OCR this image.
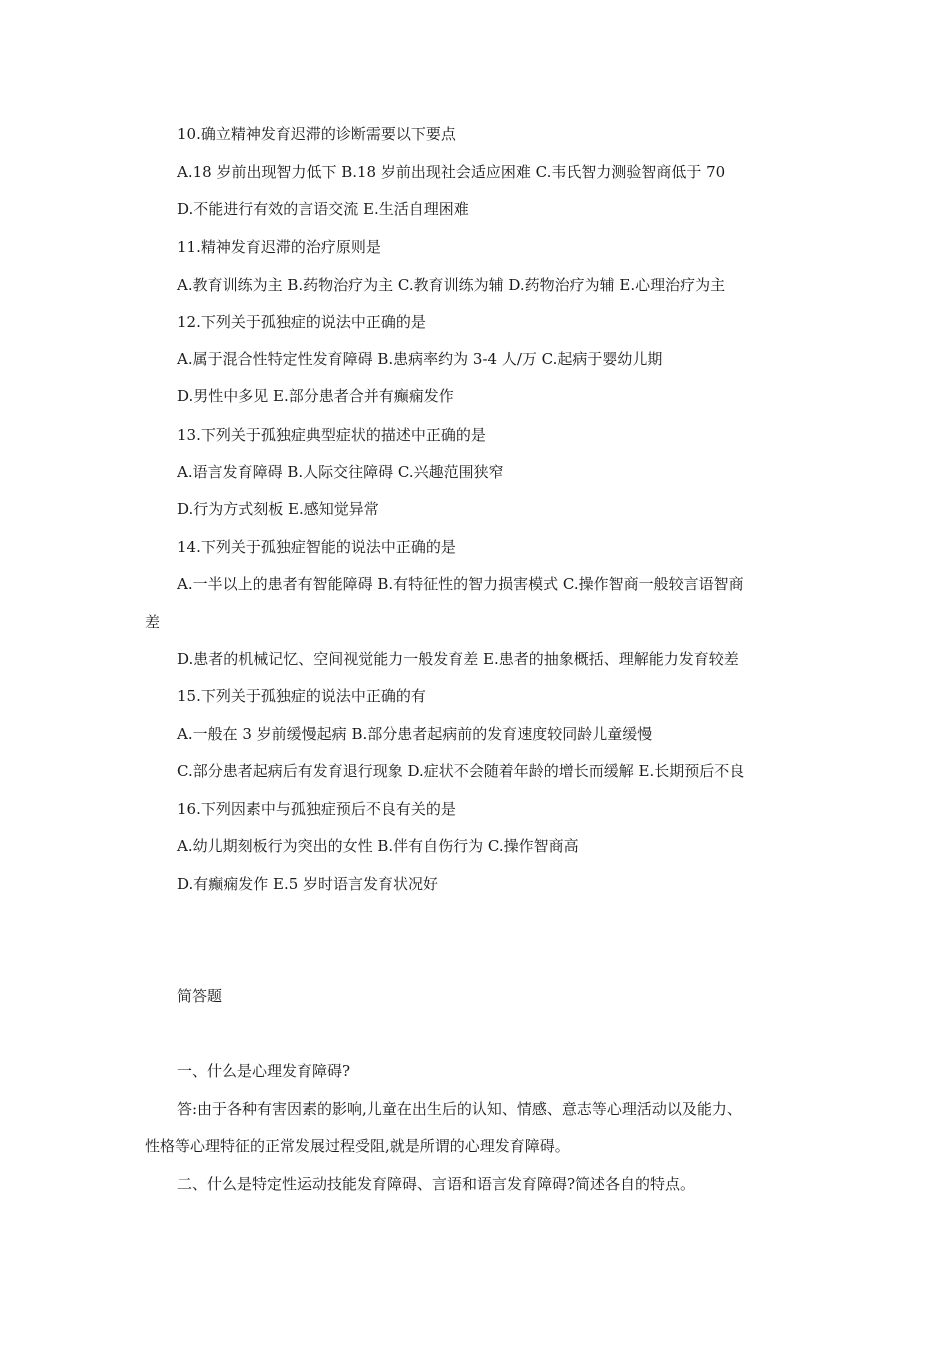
10.确立精神发育迟滞的诊断需要以下要点
A.18 岁前出现智力低下 B.18 岁前出现社会适应困难 C.韦氏智力测验智商低于 70
D.不能进行有效的言语交流 E.生活自理困难
11.精神发育迟滞的治疗原则是
A.教育训练为主 B.药物治疗为主 C.教育训练为辅 D.药物治疗为辅 E.心理治疗为主
12.下列关于孤独症的说法中正确的是
A.属于混合性特定性发育障碍 B.患病率约为 3-4 人/万 C.起病于婴幼儿期
D.男性中多见 E.部分患者合并有癫痫发作
13.下列关于孤独症典型症状的描述中正确的是
A.语言发育障碍 B.人际交往障碍 C.兴趣范围狭窄
D.行为方式刻板 E.感知觉异常
14.下列关于孤独症智能的说法中正确的是
A.一半以上的患者有智能障碍 B.有特征性的智力损害模式 C.操作智商一般较言语智商
差
D.患者的机械记忆、空间视觉能力一般发育差 E.患者的抽象概括、理解能力发育较差
15.下列关于孤独症的说法中正确的有
A.一般在 3 岁前缓慢起病 B.部分患者起病前的发育速度较同龄儿童缓慢
C.部分患者起病后有发育退行现象 D.症状不会随着年龄的增长而缓解 E.长期预后不良
16.下列因素中与孤独症预后不良有关的是
A.幼儿期刻板行为突出的女性 B.伴有自伤行为 C.操作智商高
D.有癫痫发作 E.5 岁时语言发育状况好
简答题
一、什么是心理发育障碍?
答:由于各种有害因素的影响,儿童在出生后的认知、情感、意志等心理活动以及能力、
性格等心理特征的正常发展过程受阻,就是所谓的心理发育障碍。
二、什么是特定性运动技能发育障碍、言语和语言发育障碍?简述各自的特点。
